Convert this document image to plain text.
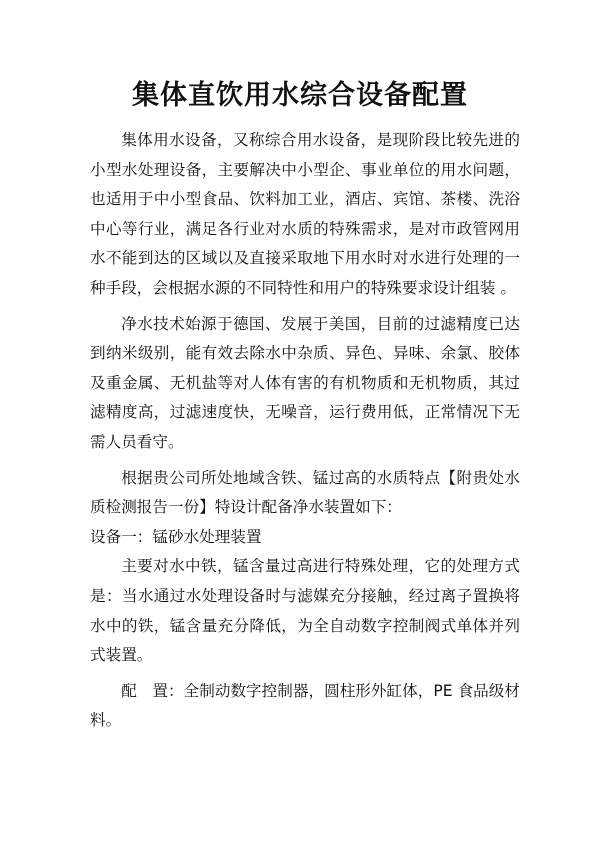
集体直饮用水综合设备配置

集体用水设备，又称综合用水设备，是现阶段比较先进的小型水处理设备，主要解决中小型企、事业单位的用水问题，也适用于中小型食品、饮料加工业，酒店、宾馆、茶楼、洗浴中心等行业，满足各行业对水质的特殊需求，是对市政管网用水不能到达的区域以及直接采取地下用水时对水进行处理的一种手段，会根据水源的不同特性和用户的特殊要求设计组装 。

净水技术始源于德国、发展于美国，目前的过滤精度已达到纳米级别，能有效去除水中杂质、异色、异味、余氯、胶体及重金属、无机盐等对人体有害的有机物质和无机物质，其过滤精度高，过滤速度快，无噪音，运行费用低，正常情况下无需人员看守。

根据贵公司所处地域含铁、锰过高的水质特点【附贵处水质检测报告一份】特设计配备净水装置如下：

设备一：锰砂水处理装置

主要对水中铁，锰含量过高进行特殊处理，它的处理方式是：当水通过水处理设备时与滤媒充分接触，经过离子置换将水中的铁，锰含量充分降低，为全自动数字控制阀式单体并列式装置。

配　置：全制动数字控制器，圆柱形外缸体，PE 食品级材料。
